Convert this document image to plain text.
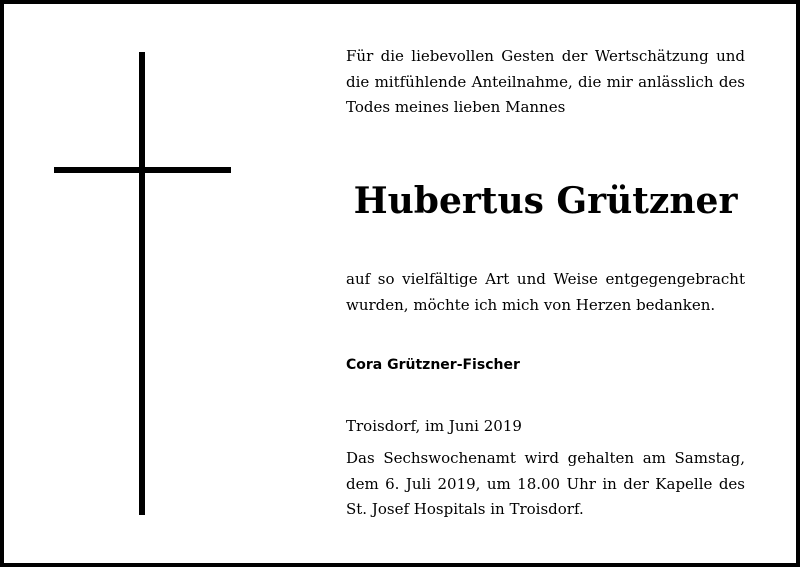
Für die liebevollen Gesten der Wertschätzung und die mitfühlende Anteilnahme, die mir anlässlich des Todes meines lieben Mannes
Hubertus Grützner
auf so vielfältige Art und Weise entgegengebracht wurden, möchte ich mich von Herzen bedanken.
Cora Grützner-Fischer
Troisdorf, im Juni 2019
Das Sechswochenamt wird gehalten am Samstag, dem 6. Juli 2019, um 18.00 Uhr in der Kapelle des St. Josef Hospitals in Troisdorf.
